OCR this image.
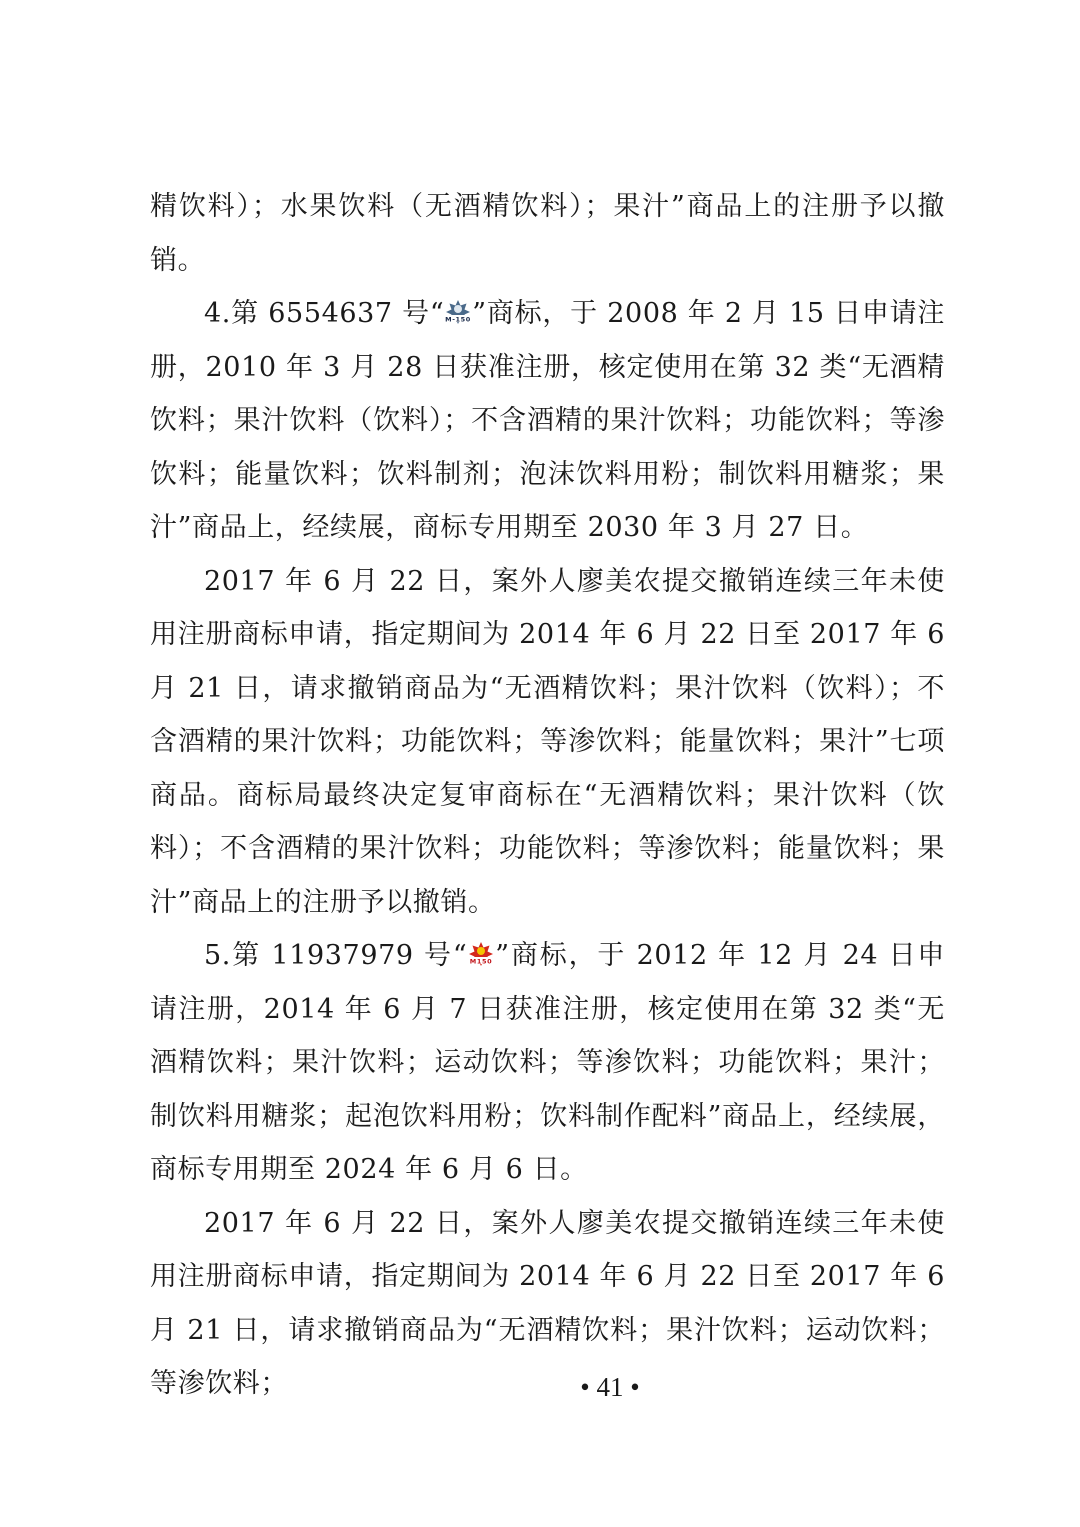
精饮料）；水果饮料（无酒精饮料）；果汁”商品上的注册予以撤销。

4.第 6554637 号“ M-150 ”商标，于 2008 年 2 月 15 日申请注册，2010 年 3 月 28 日获准注册，核定使用在第 32 类“无酒精饮料；果汁饮料（饮料）；不含酒精的果汁饮料；功能饮料；等渗饮料；能量饮料；饮料制剂；泡沫饮料用粉；制饮料用糖浆；果汁”商品上，经续展，商标专用期至 2030 年 3 月 27 日。

2017 年 6 月 22 日，案外人廖美农提交撤销连续三年未使用注册商标申请，指定期间为 2014 年 6 月 22 日至 2017 年 6 月 21 日，请求撤销商品为“无酒精饮料；果汁饮料（饮料）；不含酒精的果汁饮料；功能饮料；等渗饮料；能量饮料；果汁”七项商品。商标局最终决定复审商标在“无酒精饮料；果汁饮料（饮料）；不含酒精的果汁饮料；功能饮料；等渗饮料；能量饮料；果汁”商品上的注册予以撤销。

5.第 11937979 号“ M150 ”商标，于 2012 年 12 月 24 日申请注册，2014 年 6 月 7 日获准注册，核定使用在第 32 类“无酒精饮料；果汁饮料；运动饮料；等渗饮料；功能饮料；果汁；制饮料用糖浆；起泡饮料用粉；饮料制作配料”商品上，经续展，商标专用期至 2024 年 6 月 6 日。

2017 年 6 月 22 日，案外人廖美农提交撤销连续三年未使用注册商标申请，指定期间为 2014 年 6 月 22 日至 2017 年 6 月 21 日，请求撤销商品为“无酒精饮料；果汁饮料；运动饮料；等渗饮料；	• 41 •
